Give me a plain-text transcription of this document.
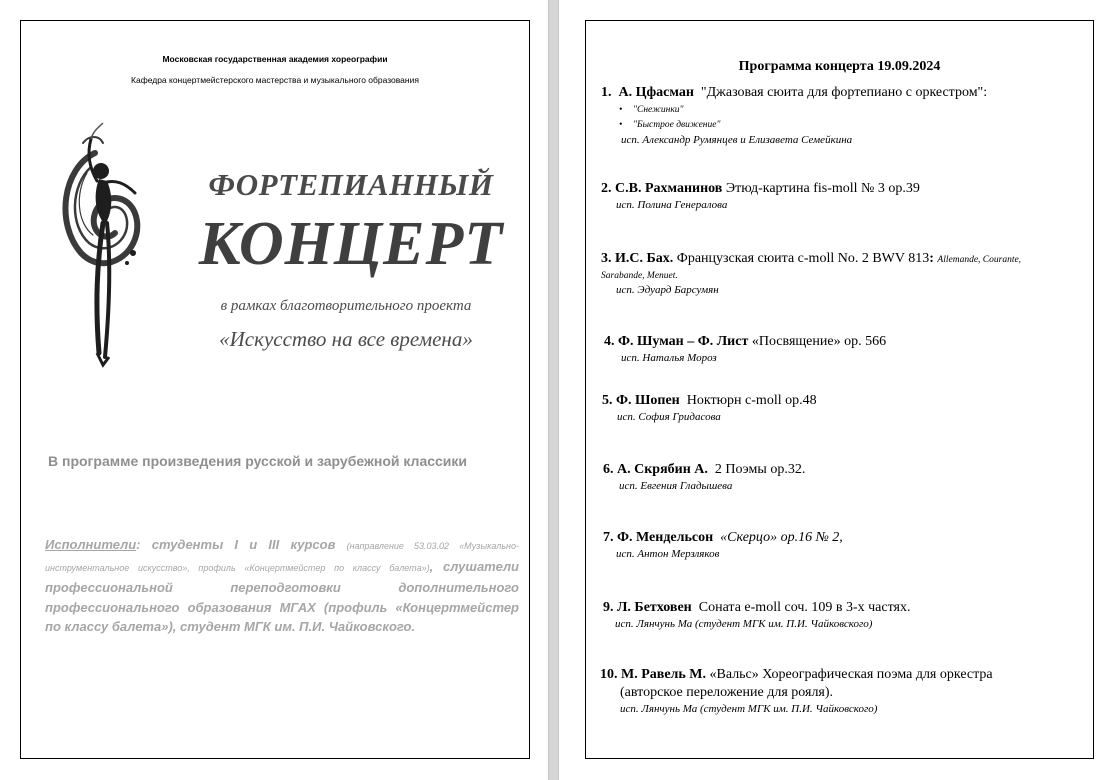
Московская государственная академия хореографии
Кафедра концертмейстерского мастерства и музыкального образования
ФОРТЕПИАННЫЙ
КОНЦЕРТ
в рамках благотворительного проекта
«Искусство на все времена»
В программе произведения русской и зарубежной классики
Исполнители: студенты I и III курсов (направление 53.03.02 «Музыкально-инструментальное искусство», профиль «Концертмейстер по классу балета»), слушатели профессиональной переподготовки дополнительного профессионального образования МГАХ (профиль «Концертмейстер по классу балета»), студент МГК им. П.И. Чайковского.
Программа концерта 19.09.2024
1. А. Цфасман "Джазовая сюита для фортепиано с оркестром":
• "Снежинки"
• "Быстрое движение"
исп. Александр Румянцев и Елизавета Семейкина
2. С.В. Рахманинов Этюд-картина fis-moll № 3 op.39
исп. Полина Генералова
3. И.С. Бах. Французская сюита c-moll No. 2 BWV 813: Allemande, Courante,
Sarabande, Menuet.
исп. Эдуард Барсумян
4. Ф. Шуман – Ф. Лист «Посвящение» ор. 566
исп. Наталья Мороз
5. Ф. Шопен Ноктюрн c-moll op.48
исп. София Гридасова
6. А. Скрябин А. 2 Поэмы op.32.
исп. Евгения Гладышева
7. Ф. Мендельсон «Скерцо» ор.16 № 2,
исп. Антон Мерзляков
9. Л. Бетховен Соната е-moll соч. 109 в 3-х частях.
исп. Лянчунь Ма (студент МГК им. П.И. Чайковского)
10. М. Равель М. «Вальс» Хореографическая поэма для оркестра
(авторское переложение для рояля).
исп. Лянчунь Ма (студент МГК им. П.И. Чайковского)
